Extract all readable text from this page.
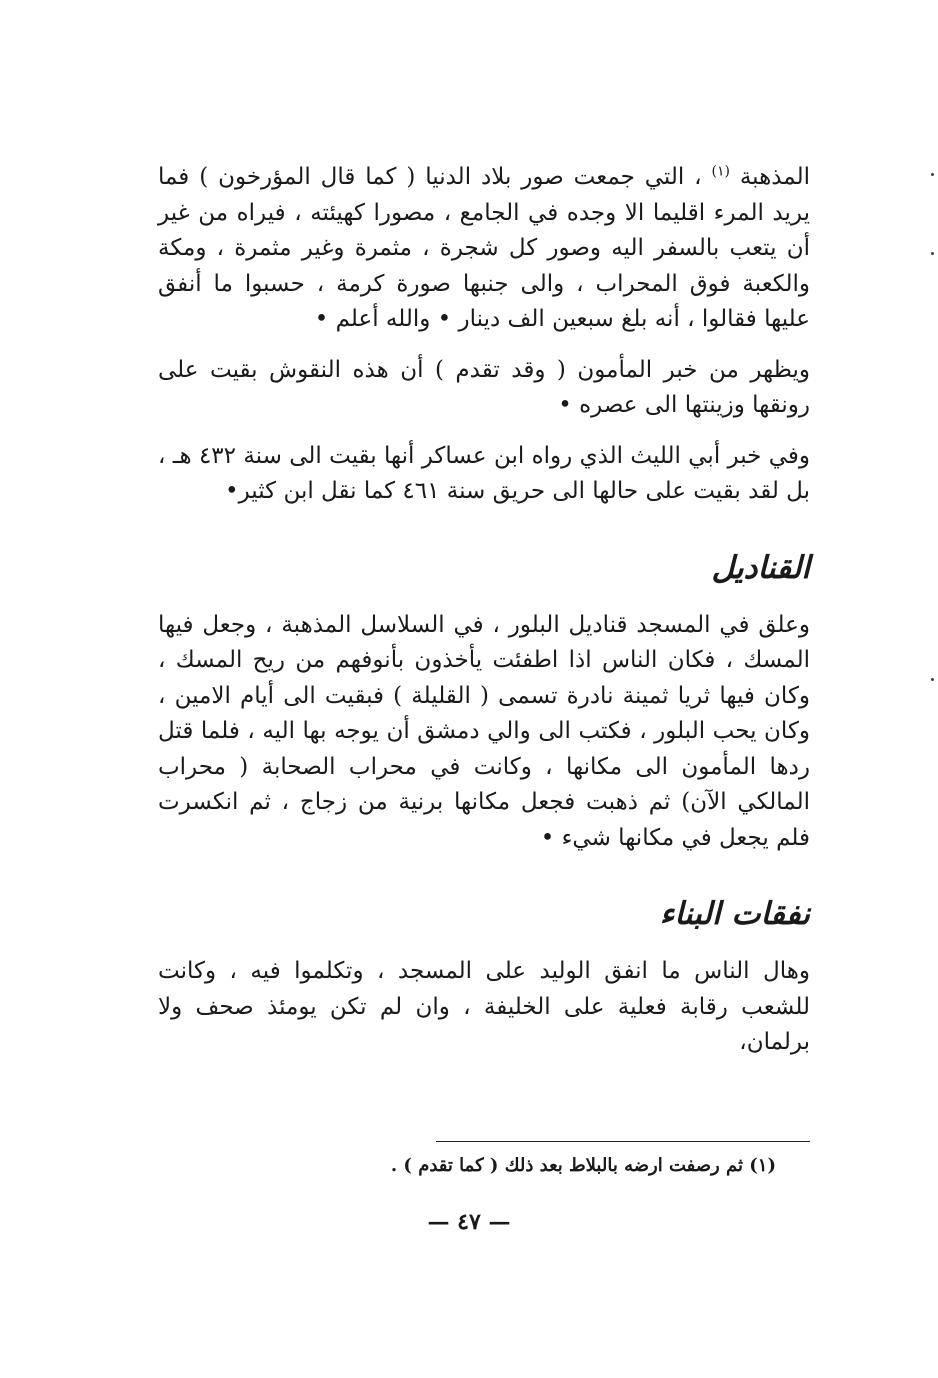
المذهبة $^{(١)}$ ، التي جمعت صور بلاد الدنيا ( كما قال المؤرخون ) فما يريد المرء اقليما الا وجده في الجامع ، مصورا كهيئته ، فيراه من غير أن يتعب بالسفر اليه وصور كل شجرة ، مثمرة وغير مثمرة ، ومكة والكعبة فوق المحراب ، والى جنبها صورة كرمة ، حسبوا ما أنفق عليها فقالوا ، أنه بلغ سبعين الف دينار • والله أعلم •

ويظهر من خبر المأمون ( وقد تقدم ) أن هذه النقوش بقيت على رونقها وزينتها الى عصره •

وفي خبر أبي الليث الذي رواه ابن عساكر أنها بقيت الى سنة ٤٣٢ هـ ، بل لقد بقيت على حالها الى حريق سنة ٤٦١ كما نقل ابن كثير•

القناديل

وعلق في المسجد قناديل البلور ، في السلاسل المذهبة ، وجعل فيها المسك ، فكان الناس اذا اطفئت يأخذون بأنوفهم من ريح المسك ، وكان فيها ثريا ثمينة نادرة تسمى ( القليلة ) فبقيت الى أيام الامين ، وكان يحب البلور ، فكتب الى والي دمشق أن يوجه بها اليه ، فلما قتل ردها المأمون الى مكانها ، وكانت في محراب الصحابة ( محراب المالكي الآن) ثم ذهبت فجعل مكانها برنية من زجاج ، ثم انكسرت فلم يجعل في مكانها شيء •

نفقات البناء

وهال الناس ما انفق الوليد على المسجد ، وتكلموا فيه ، وكانت للشعب رقابة فعلية على الخليفة ، وان لم تكن يومئذ صحف ولا برلمان،

(١) ثم رصفت ارضه بالبلاط بعد ذلك ( كما تقدم ) .
— ٤٧ —
